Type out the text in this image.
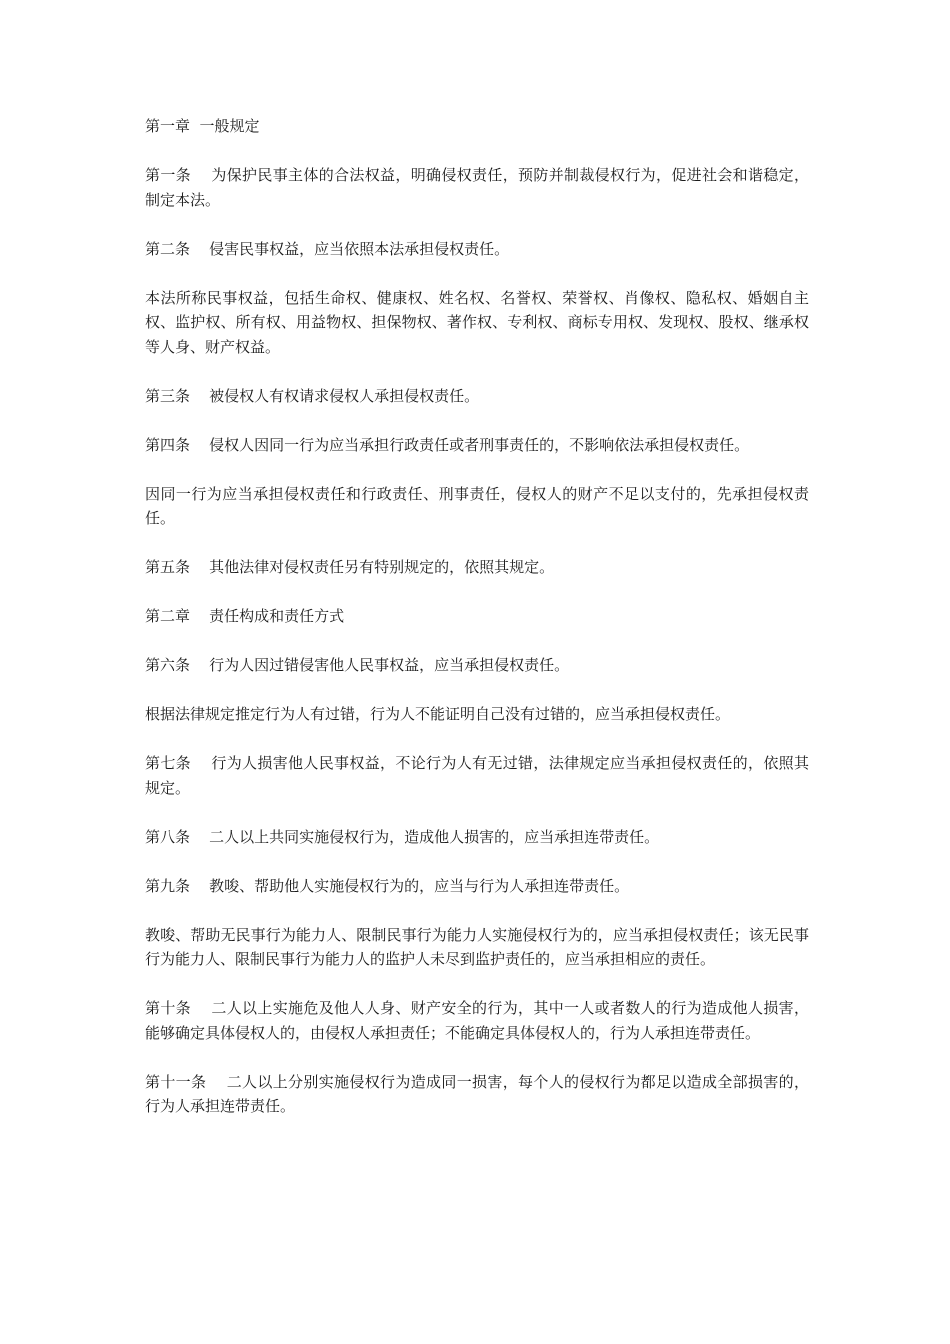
第一章  一般规定

第一条    为保护民事主体的合法权益，明确侵权责任，预防并制裁侵权行为，促进社会和谐稳定，制定本法。

第二条    侵害民事权益，应当依照本法承担侵权责任。

本法所称民事权益，包括生命权、健康权、姓名权、名誉权、荣誉权、肖像权、隐私权、婚姻自主权、监护权、所有权、用益物权、担保物权、著作权、专利权、商标专用权、发现权、股权、继承权等人身、财产权益。

第三条    被侵权人有权请求侵权人承担侵权责任。

第四条    侵权人因同一行为应当承担行政责任或者刑事责任的，不影响依法承担侵权责任。

因同一行为应当承担侵权责任和行政责任、刑事责任，侵权人的财产不足以支付的，先承担侵权责任。

第五条    其他法律对侵权责任另有特别规定的，依照其规定。

第二章    责任构成和责任方式

第六条    行为人因过错侵害他人民事权益，应当承担侵权责任。

根据法律规定推定行为人有过错，行为人不能证明自己没有过错的，应当承担侵权责任。

第七条    行为人损害他人民事权益，不论行为人有无过错，法律规定应当承担侵权责任的，依照其规定。

第八条    二人以上共同实施侵权行为，造成他人损害的，应当承担连带责任。

第九条    教唆、帮助他人实施侵权行为的，应当与行为人承担连带责任。

教唆、帮助无民事行为能力人、限制民事行为能力人实施侵权行为的，应当承担侵权责任；该无民事行为能力人、限制民事行为能力人的监护人未尽到监护责任的，应当承担相应的责任。

第十条    二人以上实施危及他人人身、财产安全的行为，其中一人或者数人的行为造成他人损害，能够确定具体侵权人的，由侵权人承担责任；不能确定具体侵权人的，行为人承担连带责任。

第十一条    二人以上分别实施侵权行为造成同一损害，每个人的侵权行为都足以造成全部损害的，行为人承担连带责任。
